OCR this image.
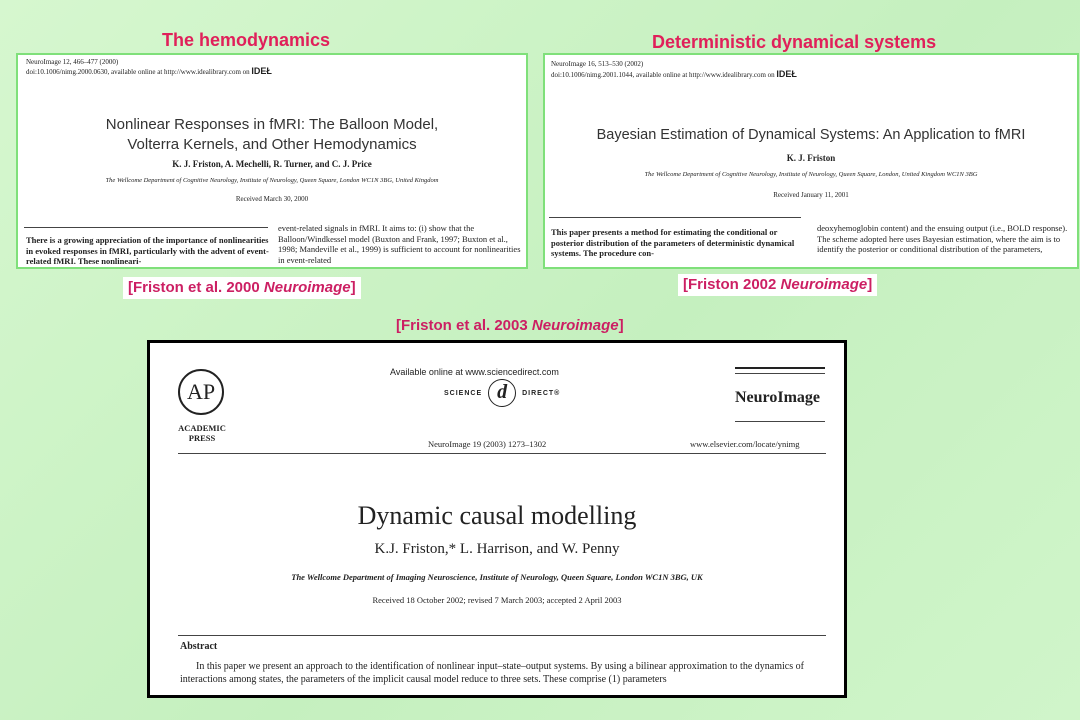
The hemodynamics	Deterministic dynamical systems
NeuroImage 12, 466–477 (2000)
doi:10.1006/nimg.2000.0630, available online at http://www.idealibrary.com on IDEŁ
Nonlinear Responses in fMRI: The Balloon Model,
Volterra Kernels, and Other Hemodynamics
K. J. Friston, A. Mechelli, R. Turner, and C. J. Price
The Wellcome Department of Cognitive Neurology, Institute of Neurology, Queen Square, London WC1N 3BG, United Kingdom
Received March 30, 2000
There is a growing appreciation of the importance of nonlinearities in evoked responses in fMRI, particularly with the advent of event-related fMRI. These nonlineari-
event-related signals in fMRI. It aims to: (i) show that the Balloon/Windkessel model (Buxton and Frank, 1997; Buxton et al., 1998; Mandeville et al., 1999) is sufficient to account for nonlinearities in event-related
NeuroImage 16, 513–530 (2002)
doi:10.1006/nimg.2001.1044, available online at http://www.idealibrary.com on IDEŁ
Bayesian Estimation of Dynamical Systems: An Application to fMRI
K. J. Friston
The Wellcome Department of Cognitive Neurology, Institute of Neurology, Queen Square, London, United Kingdom WC1N 3BG
Received January 11, 2001
This paper presents a method for estimating the conditional or posterior distribution of the parameters of deterministic dynamical systems. The procedure con-
deoxyhemoglobin content) and the ensuing output (i.e., BOLD response). The scheme adopted here uses Bayesian estimation, where the aim is to identify the posterior or conditional distribution of the parameters,
[Friston et al. 2000 Neuroimage]	[Friston 2002 Neuroimage]
[Friston et al. 2003 Neuroimage]
AP
ACADEMIC
PRESS
Available online at www.sciencedirect.com
SCIENCE d	DIRECT®	NeuroImage
NeuroImage 19 (2003) 1273–1302	www.elsevier.com/locate/ynimg
Dynamic causal modelling
K.J. Friston,* L. Harrison, and W. Penny
The Wellcome Department of Imaging Neuroscience, Institute of Neurology, Queen Square, London WC1N 3BG, UK
Received 18 October 2002; revised 7 March 2003; accepted 2 April 2003
Abstract
In this paper we present an approach to the identification of nonlinear input–state–output systems. By using a bilinear approximation to the dynamics of interactions among states, the parameters of the implicit causal model reduce to three sets. These comprise (1) parameters
